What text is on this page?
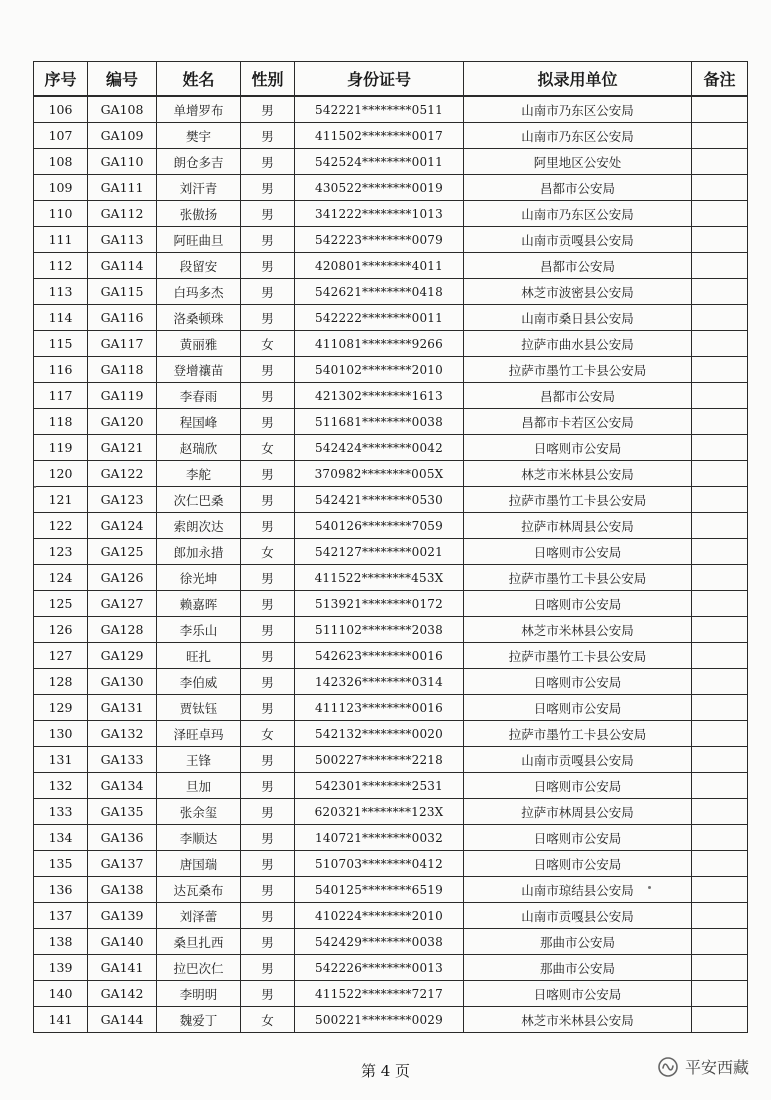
序号	编号	姓名	性别	身份证号	拟录用单位	备注
106	GA108	单增罗布	男	542221********0511	山南市乃东区公安局	
107	GA109	樊宇	男	411502********0017	山南市乃东区公安局	
108	GA110	朗仓多吉	男	542524********0011	阿里地区公安处	
109	GA111	刘汗青	男	430522********0019	昌都市公安局	
110	GA112	张傲扬	男	341222********1013	山南市乃东区公安局	
111	GA113	阿旺曲旦	男	542223********0079	山南市贡嘎县公安局	
112	GA114	段留安	男	420801********4011	昌都市公安局	
113	GA115	白玛多杰	男	542621********0418	林芝市波密县公安局	
114	GA116	洛桑顿珠	男	542222********0011	山南市桑日县公安局	
115	GA117	黄丽雅	女	411081********9266	拉萨市曲水县公安局	
116	GA118	登增禳苗	男	540102********2010	拉萨市墨竹工卡县公安局	
117	GA119	李春雨	男	421302********1613	昌都市公安局	
118	GA120	程国峰	男	511681********0038	昌都市卡若区公安局	
119	GA121	赵瑞欣	女	542424********0042	日喀则市公安局	
120	GA122	李舵	男	370982********005X	林芝市米林县公安局	
121	GA123	次仁巴桑	男	542421********0530	拉萨市墨竹工卡县公安局	
122	GA124	索朗次达	男	540126********7059	拉萨市林周县公安局	
123	GA125	郎加永措	女	542127********0021	日喀则市公安局	
124	GA126	徐光坤	男	411522********453X	拉萨市墨竹工卡县公安局	
125	GA127	赖嘉晖	男	513921********0172	日喀则市公安局	
126	GA128	李乐山	男	511102********2038	林芝市米林县公安局	
127	GA129	旺扎	男	542623********0016	拉萨市墨竹工卡县公安局	
128	GA130	李伯威	男	142326********0314	日喀则市公安局	
129	GA131	贾钛钰	男	411123********0016	日喀则市公安局	
130	GA132	泽旺卓玛	女	542132********0020	拉萨市墨竹工卡县公安局	
131	GA133	王锋	男	500227********2218	山南市贡嘎县公安局	
132	GA134	旦加	男	542301********2531	日喀则市公安局	
133	GA135	张余玺	男	620321********123X	拉萨市林周县公安局	
134	GA136	李顺达	男	140721********0032	日喀则市公安局	
135	GA137	唐国瑞	男	510703********0412	日喀则市公安局	
136	GA138	达瓦桑布	男	540125********6519	山南市琼结县公安局	
137	GA139	刘泽蕾	男	410224********2010	山南市贡嘎县公安局	
138	GA140	桑旦扎西	男	542429********0038	那曲市公安局	
139	GA141	拉巴次仁	男	542226********0013	那曲市公安局	
140	GA142	李明明	男	411522********7217	日喀则市公安局	
141	GA144	魏爱丁	女	500221********0029	林芝市米林县公安局	
第 4 页	平安西藏
